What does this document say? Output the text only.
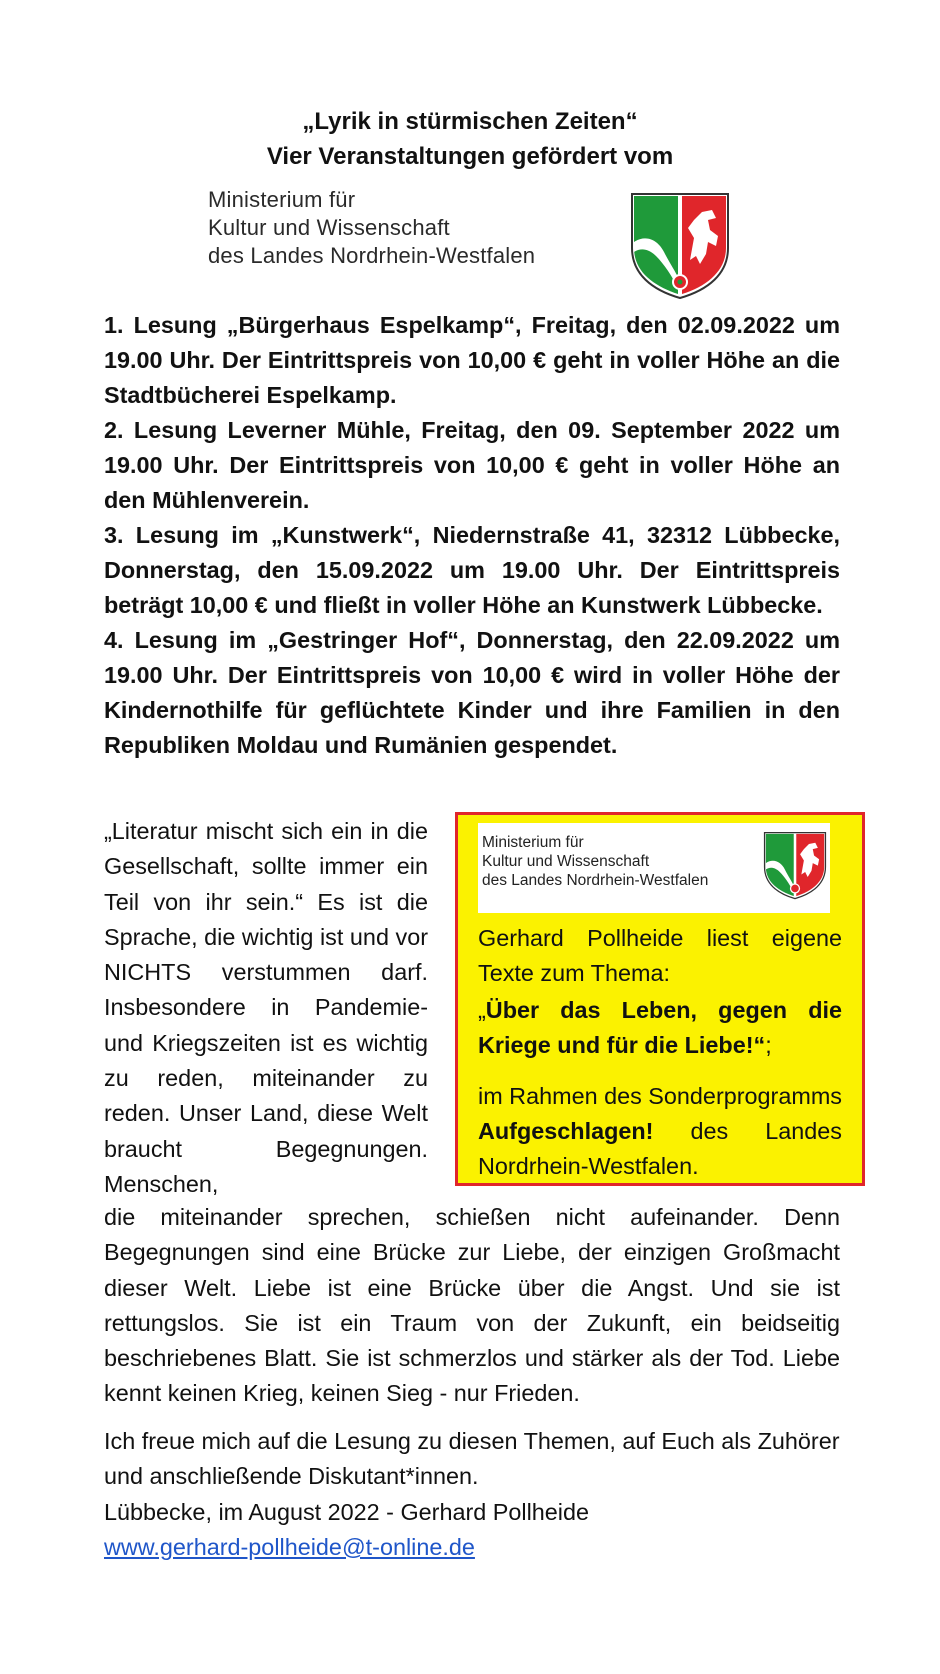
„Lyrik in stürmischen Zeiten“
Vier Veranstaltungen gefördert vom
Ministerium für
Kultur und Wissenschaft
des Landes Nordrhein-Westfalen

1. Lesung „Bürgerhaus Espelkamp“, Freitag, den 02.09.2022 um 19.00 Uhr. Der Eintrittspreis von 10,00 € geht in voller Höhe an die Stadtbücherei Espelkamp.

2. Lesung Leverner Mühle, Freitag, den 09. September 2022 um 19.00 Uhr. Der Eintrittspreis von 10,00 € geht in voller Höhe an den Mühlenverein.

3. Lesung im „Kunstwerk“, Niedernstraße 41, 32312 Lübbecke, Donnerstag, den 15.09.2022 um 19.00 Uhr. Der Eintrittspreis beträgt 10,00 € und fließt in voller Höhe an Kunstwerk Lübbecke.

4. Lesung im „Gestringer Hof“, Donnerstag, den 22.09.2022 um 19.00 Uhr. Der Eintrittspreis von 10,00 € wird in voller Höhe der Kindernothilfe für geflüchtete Kinder und ihre Familien in den Republiken Moldau und Rumänien gespendet.

„Literatur mischt sich ein in die Gesellschaft, sollte immer ein Teil von ihr sein.“ Es ist die Sprache, die wichtig ist und vor NICHTS verstummen darf. Insbesondere in Pandemie- und Kriegszeiten ist es wichtig zu reden, miteinander zu reden. Unser Land, diese Welt braucht Begegnungen. Menschen,

Ministerium für
Kultur und Wissenschaft
des Landes Nordrhein-Westfalen
Gerhard Pollheide liest eigene Texte zum Thema:
„Über das Leben, gegen die Kriege und für die Liebe!“;
im Rahmen des Sonderprogramms Aufgeschlagen! des Landes Nordrhein-Westfalen.

die miteinander sprechen, schießen nicht aufeinander. Denn Begegnungen sind eine Brücke zur Liebe, der einzigen Großmacht dieser Welt. Liebe ist eine Brücke über die Angst. Und sie ist rettungslos. Sie ist ein Traum von der Zukunft, ein beidseitig beschriebenes Blatt. Sie ist schmerzlos und stärker als der Tod. Liebe kennt keinen Krieg, keinen Sieg - nur Frieden.

Ich freue mich auf die Lesung zu diesen Themen, auf Euch als Zuhörer und anschließende Diskutant*innen.
Lübbecke, im August 2022 - Gerhard Pollheide
www.gerhard-pollheide@t-online.de
